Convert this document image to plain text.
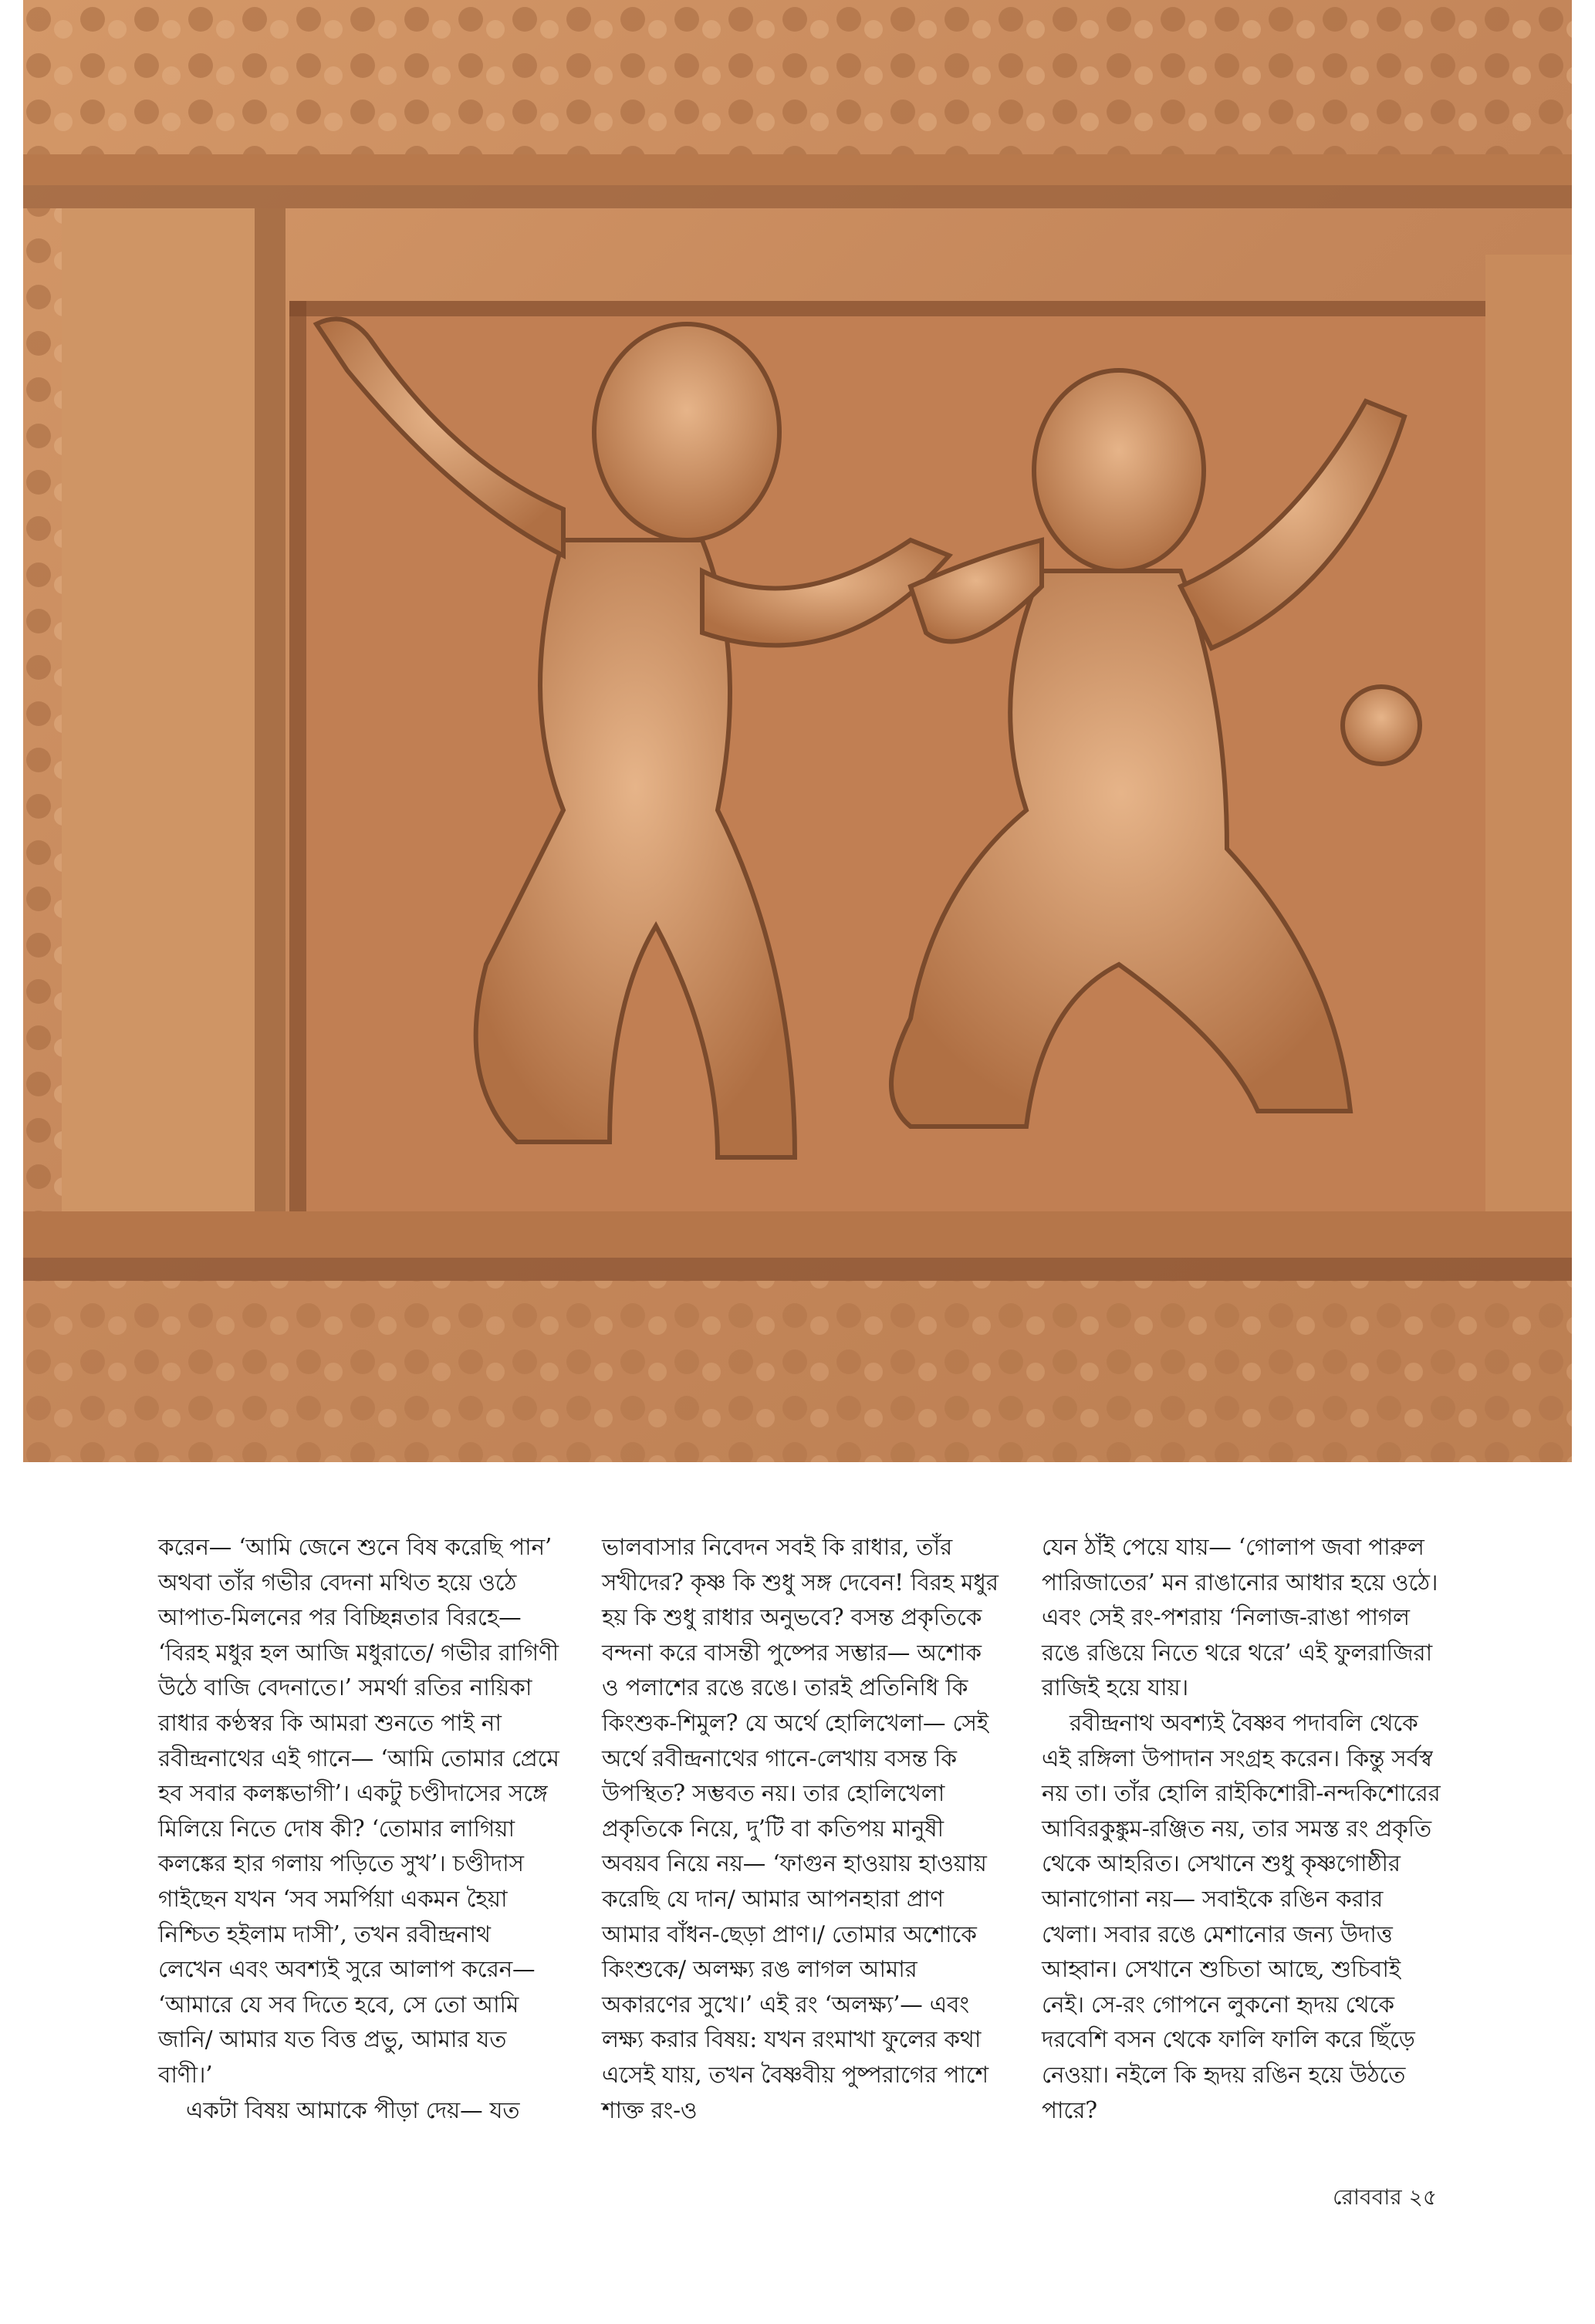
করেন— ‘আমি জেনে শুনে বিষ করেছি পান’ অথবা তাঁর গভীর বেদনা মথিত হয়ে ওঠে আপাত-মিলনের পর বিচ্ছিন্নতার বিরহে— ‘বিরহ মধুর হল আজি মধুরাতে/ গভীর রাগিণী উঠে বাজি বেদনাতে।’ সমর্থা রতির নায়িকা রাধার কণ্ঠস্বর কি আমরা শুনতে পাই না রবীন্দ্রনাথের এই গানে— ‘আমি তোমার প্রেমে হব সবার কলঙ্কভাগী’। একটু চণ্ডীদাসের সঙ্গে মিলিয়ে নিতে দোষ কী? ‘তোমার লাগিয়া কলঙ্কের হার গলায় পড়িতে সুখ’। চণ্ডীদাস গাইছেন যখন ‘সব সমর্পিয়া একমন হৈয়া নিশ্চিত হইলাম দাসী’, তখন রবীন্দ্রনাথ লেখেন এবং অবশ্যই সুরে আলাপ করেন— ‘আমারে যে সব দিতে হবে, সে তো আমি জানি/ আমার যত বিত্ত প্রভু, আমার যত বাণী।’

একটা বিষয় আমাকে পীড়া দেয়— যত

ভালবাসার নিবেদন সবই কি রাধার, তাঁর সখীদের? কৃষ্ণ কি শুধু সঙ্গ দেবেন! বিরহ মধুর হয় কি শুধু রাধার অনুভবে? বসন্ত প্রকৃতিকে বন্দনা করে বাসন্তী পুষ্পের সম্ভার— অশোক ও পলাশের রঙে রঙে। তারই প্রতিনিধি কি কিংশুক-শিমুল? যে অর্থে হোলিখেলা— সেই অর্থে রবীন্দ্রনাথের গানে-লেখায় বসন্ত কি উপস্থিত? সম্ভবত নয়। তার হোলিখেলা প্রকৃতিকে নিয়ে, দু’টি বা কতিপয় মানুষী অবয়ব নিয়ে নয়— ‘ফাগুন হাওয়ায় হাওয়ায় করেছি যে দান/ আমার আপনহারা প্রাণ আমার বাঁধন-ছেড়া প্রাণ।/ তোমার অশোকে কিংশুকে/ অলক্ষ্য রঙ লাগল আমার অকারণের সুখে।’ এই রং ‘অলক্ষ্য’— এবং লক্ষ্য করার বিষয়: যখন রংমাখা ফুলের কথা এসেই যায়, তখন বৈষ্ণবীয় পুষ্পরাগের পাশে শাক্ত রং-ও

যেন ঠাঁই পেয়ে যায়— ‘গোলাপ জবা পারুল পারিজাতের’ মন রাঙানোর আধার হয়ে ওঠে। এবং সেই রং-পশরায় ‘নিলাজ-রাঙা পাগল রঙে রঙিয়ে নিতে থরে থরে’ এই ফুলরাজিরা রাজিই হয়ে যায়।

রবীন্দ্রনাথ অবশ্যই বৈষ্ণব পদাবলি থেকে এই রঙ্গিলা উপাদান সংগ্রহ করেন। কিন্তু সর্বস্ব নয় তা। তাঁর হোলি রাইকিশোরী-নন্দকিশোরের আবিরকুঙ্কুম-রঞ্জিত নয়, তার সমস্ত রং প্রকৃতি থেকে আহরিত। সেখানে শুধু কৃষ্ণগোষ্ঠীর আনাগোনা নয়— সবাইকে রঙিন করার খেলা। সবার রঙে মেশানোর জন্য উদাত্ত আহ্বান। সেখানে শুচিতা আছে, শুচিবাই নেই। সে-রং গোপনে লুকনো হৃদয় থেকে দরবেশি বসন থেকে ফালি ফালি করে ছিঁড়ে নেওয়া। নইলে কি হৃদয় রঙিন হয়ে উঠতে পারে?

রোববার ২৫
